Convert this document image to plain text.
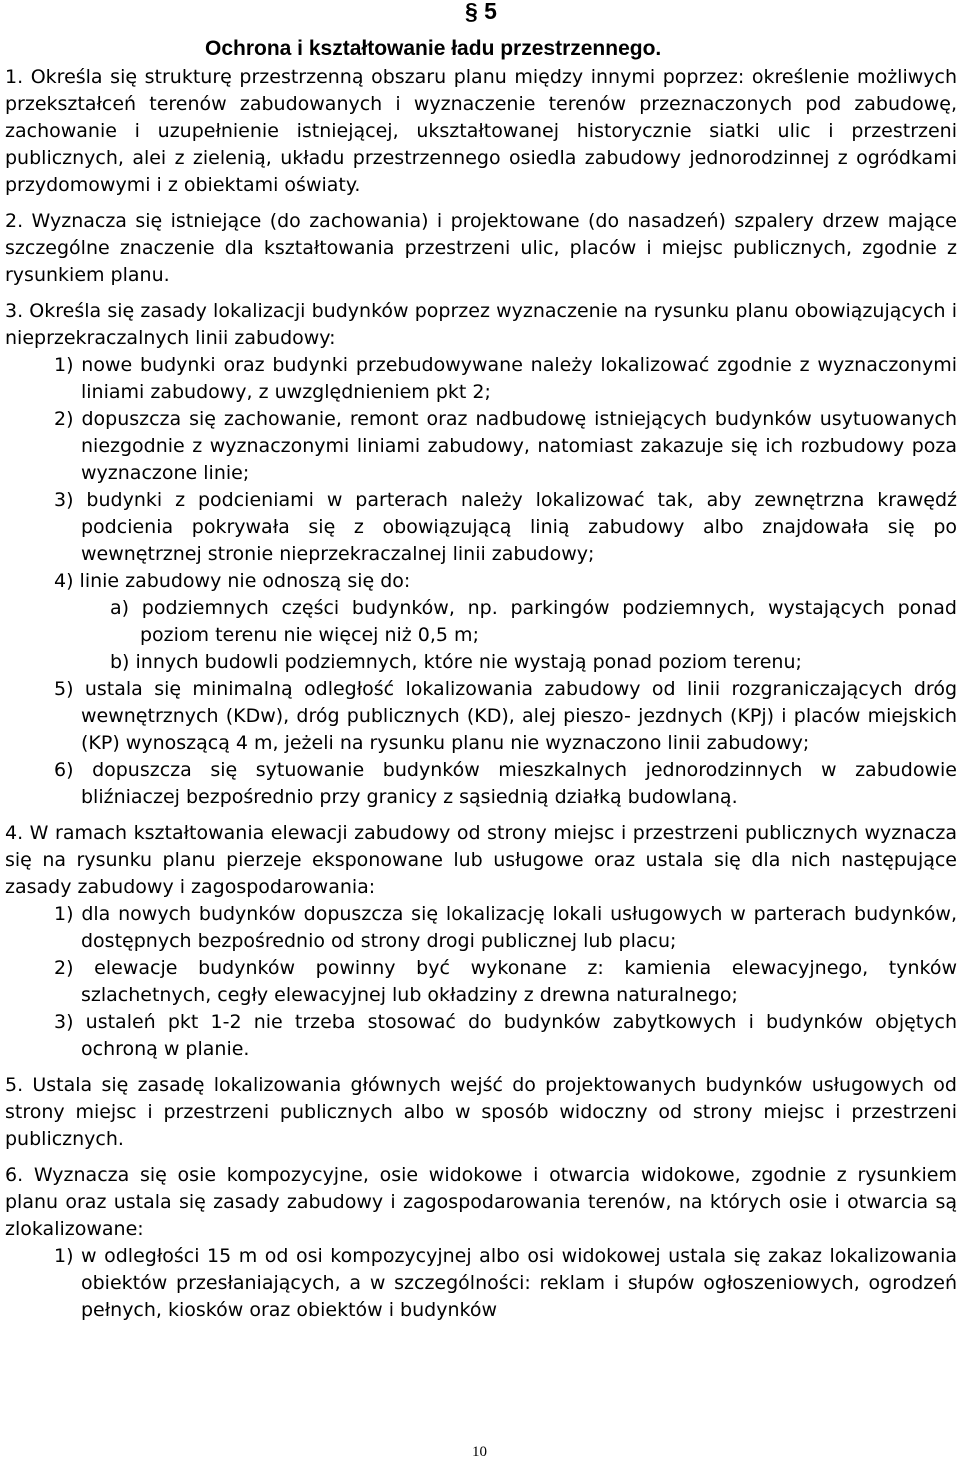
§ 5
Ochrona i kształtowanie ładu przestrzennego.

1. Określa się strukturę przestrzenną obszaru planu między innymi poprzez: określenie możliwych przekształceń terenów zabudowanych i wyznaczenie terenów przeznaczonych pod zabudowę, zachowanie i uzupełnienie istniejącej, ukształtowanej historycznie siatki ulic i przestrzeni publicznych, alei z zielenią, układu przestrzennego osiedla zabudowy jednorodzinnej z ogródkami przydomowymi i z obiektami oświaty.

2. Wyznacza się istniejące (do zachowania) i projektowane (do nasadzeń) szpalery drzew mające szczególne znaczenie dla kształtowania przestrzeni ulic, placów i miejsc publicznych, zgodnie z rysunkiem planu.

3. Określa się zasady lokalizacji budynków poprzez wyznaczenie na rysunku planu obowiązujących i nieprzekraczalnych linii zabudowy:

1) nowe budynki oraz budynki przebudowywane należy lokalizować zgodnie z wyznaczonymi liniami zabudowy, z uwzględnieniem pkt 2;

2) dopuszcza się zachowanie, remont oraz nadbudowę istniejących budynków usytuowanych niezgodnie z wyznaczonymi liniami zabudowy, natomiast zakazuje się ich rozbudowy poza wyznaczone linie;

3) budynki z podcieniami w parterach należy lokalizować tak, aby zewnętrzna krawędź podcienia pokrywała się z obowiązującą linią zabudowy albo znajdowała się po wewnętrznej stronie nieprzekraczalnej linii zabudowy;

4) linie zabudowy nie odnoszą się do:

a) podziemnych części budynków, np. parkingów podziemnych, wystających ponad poziom terenu nie więcej niż 0,5 m;

b) innych budowli podziemnych, które nie wystają ponad poziom terenu;

5) ustala się minimalną odległość lokalizowania zabudowy od linii rozgraniczających dróg wewnętrznych (KDw), dróg publicznych (KD), alej pieszo- jezdnych (KPj) i placów miejskich (KP) wynoszącą 4 m, jeżeli na rysunku planu nie wyznaczono linii zabudowy;

6) dopuszcza się sytuowanie budynków mieszkalnych jednorodzinnych w zabudowie bliźniaczej bezpośrednio przy granicy z sąsiednią działką budowlaną.

4. W ramach kształtowania elewacji zabudowy od strony miejsc i przestrzeni publicznych wyznacza się na rysunku planu pierzeje eksponowane lub usługowe oraz ustala się dla nich następujące zasady zabudowy i zagospodarowania:

1) dla nowych budynków dopuszcza się lokalizację lokali usługowych w parterach budynków, dostępnych bezpośrednio od strony drogi publicznej lub placu;

2) elewacje budynków powinny być wykonane z: kamienia elewacyjnego, tynków szlachetnych, cegły elewacyjnej lub okładziny z drewna naturalnego;

3) ustaleń pkt 1-2 nie trzeba stosować do budynków zabytkowych i budynków objętych ochroną w planie.

5. Ustala się zasadę lokalizowania głównych wejść do projektowanych budynków usługowych od strony miejsc i przestrzeni publicznych albo w sposób widoczny od strony miejsc i przestrzeni publicznych.

6. Wyznacza się osie kompozycyjne, osie widokowe i otwarcia widokowe, zgodnie z rysunkiem planu oraz ustala się zasady zabudowy i zagospodarowania terenów, na których osie i otwarcia są zlokalizowane:

1) w odległości 15 m od osi kompozycyjnej albo osi widokowej ustala się zakaz lokalizowania obiektów przesłaniających, a w szczególności: reklam i słupów ogłoszeniowych, ogrodzeń pełnych, kiosków oraz obiektów i budynków

10
